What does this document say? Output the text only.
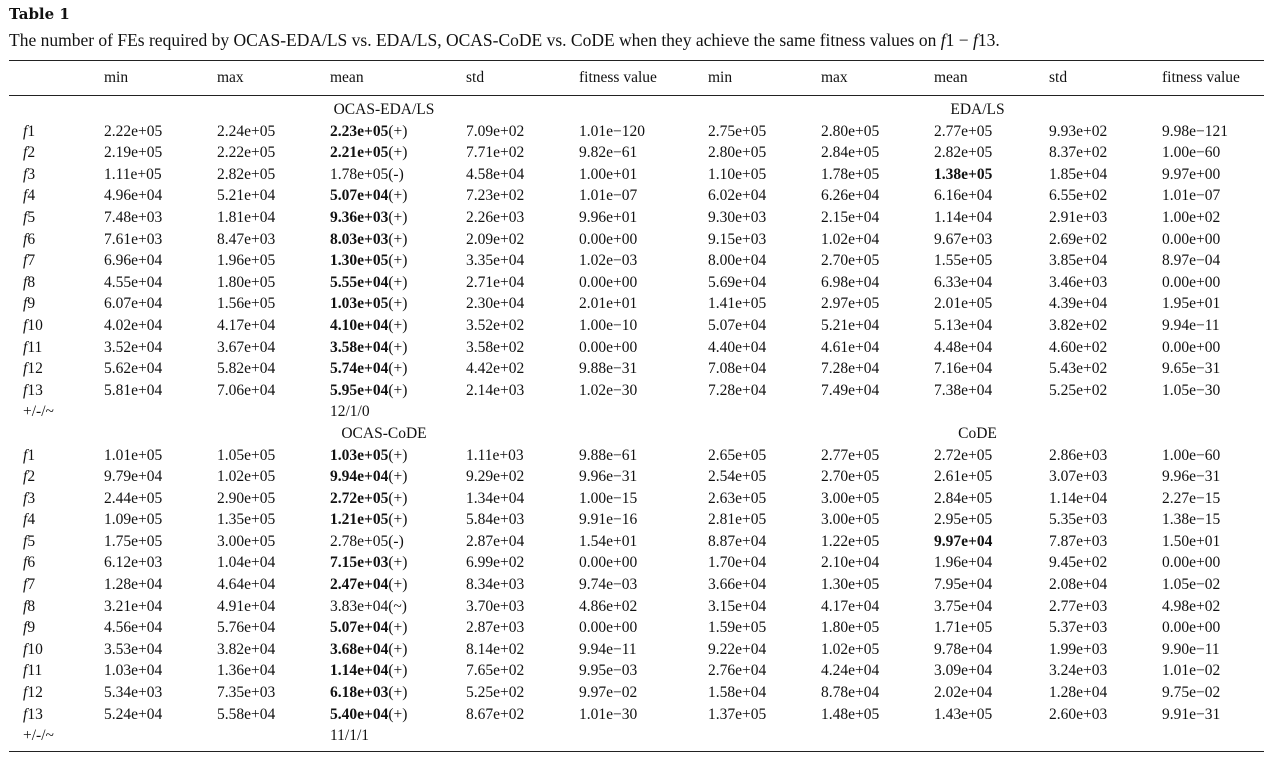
Table 1
The number of FEs required by OCAS-EDA/LS vs. EDA/LS, OCAS-CoDE vs. CoDE when they achieve the same fitness values on f1 − f13.
	min	max	mean	std	fitness value	min	max	mean	std	fitness value

			OCAS-EDA/LS					EDA/LS		
f1	2.22e+05	2.24e+05	2.23e+05(+)	7.09e+02	1.01e−120	2.75e+05	2.80e+05	2.77e+05	9.93e+02	9.98e−121
f2	2.19e+05	2.22e+05	2.21e+05(+)	7.71e+02	9.82e−61	2.80e+05	2.84e+05	2.82e+05	8.37e+02	1.00e−60
f3	1.11e+05	2.82e+05	1.78e+05(-)	4.58e+04	1.00e+01	1.10e+05	1.78e+05	1.38e+05	1.85e+04	9.97e+00
f4	4.96e+04	5.21e+04	5.07e+04(+)	7.23e+02	1.01e−07	6.02e+04	6.26e+04	6.16e+04	6.55e+02	1.01e−07
f5	7.48e+03	1.81e+04	9.36e+03(+)	2.26e+03	9.96e+01	9.30e+03	2.15e+04	1.14e+04	2.91e+03	1.00e+02
f6	7.61e+03	8.47e+03	8.03e+03(+)	2.09e+02	0.00e+00	9.15e+03	1.02e+04	9.67e+03	2.69e+02	0.00e+00
f7	6.96e+04	1.96e+05	1.30e+05(+)	3.35e+04	1.02e−03	8.00e+04	2.70e+05	1.55e+05	3.85e+04	8.97e−04
f8	4.55e+04	1.80e+05	5.55e+04(+)	2.71e+04	0.00e+00	5.69e+04	6.98e+04	6.33e+04	3.46e+03	0.00e+00
f9	6.07e+04	1.56e+05	1.03e+05(+)	2.30e+04	2.01e+01	1.41e+05	2.97e+05	2.01e+05	4.39e+04	1.95e+01
f10	4.02e+04	4.17e+04	4.10e+04(+)	3.52e+02	1.00e−10	5.07e+04	5.21e+04	5.13e+04	3.82e+02	9.94e−11
f11	3.52e+04	3.67e+04	3.58e+04(+)	3.58e+02	0.00e+00	4.40e+04	4.61e+04	4.48e+04	4.60e+02	0.00e+00
f12	5.62e+04	5.82e+04	5.74e+04(+)	4.42e+02	9.88e−31	7.08e+04	7.28e+04	7.16e+04	5.43e+02	9.65e−31
f13	5.81e+04	7.06e+04	5.95e+04(+)	2.14e+03	1.02e−30	7.28e+04	7.49e+04	7.38e+04	5.25e+02	1.05e−30
+/-/~			12/1/0							
			OCAS-CoDE					CoDE		
f1	1.01e+05	1.05e+05	1.03e+05(+)	1.11e+03	9.88e−61	2.65e+05	2.77e+05	2.72e+05	2.86e+03	1.00e−60
f2	9.79e+04	1.02e+05	9.94e+04(+)	9.29e+02	9.96e−31	2.54e+05	2.70e+05	2.61e+05	3.07e+03	9.96e−31
f3	2.44e+05	2.90e+05	2.72e+05(+)	1.34e+04	1.00e−15	2.63e+05	3.00e+05	2.84e+05	1.14e+04	2.27e−15
f4	1.09e+05	1.35e+05	1.21e+05(+)	5.84e+03	9.91e−16	2.81e+05	3.00e+05	2.95e+05	5.35e+03	1.38e−15
f5	1.75e+05	3.00e+05	2.78e+05(-)	2.87e+04	1.54e+01	8.87e+04	1.22e+05	9.97e+04	7.87e+03	1.50e+01
f6	6.12e+03	1.04e+04	7.15e+03(+)	6.99e+02	0.00e+00	1.70e+04	2.10e+04	1.96e+04	9.45e+02	0.00e+00
f7	1.28e+04	4.64e+04	2.47e+04(+)	8.34e+03	9.74e−03	3.66e+04	1.30e+05	7.95e+04	2.08e+04	1.05e−02
f8	3.21e+04	4.91e+04	3.83e+04(~)	3.70e+03	4.86e+02	3.15e+04	4.17e+04	3.75e+04	2.77e+03	4.98e+02
f9	4.56e+04	5.76e+04	5.07e+04(+)	2.87e+03	0.00e+00	1.59e+05	1.80e+05	1.71e+05	5.37e+03	0.00e+00
f10	3.53e+04	3.82e+04	3.68e+04(+)	8.14e+02	9.94e−11	9.22e+04	1.02e+05	9.78e+04	1.99e+03	9.90e−11
f11	1.03e+04	1.36e+04	1.14e+04(+)	7.65e+02	9.95e−03	2.76e+04	4.24e+04	3.09e+04	3.24e+03	1.01e−02
f12	5.34e+03	7.35e+03	6.18e+03(+)	5.25e+02	9.97e−02	1.58e+04	8.78e+04	2.02e+04	1.28e+04	9.75e−02
f13	5.24e+04	5.58e+04	5.40e+04(+)	8.67e+02	1.01e−30	1.37e+05	1.48e+05	1.43e+05	2.60e+03	9.91e−31
+/-/~			11/1/1							
